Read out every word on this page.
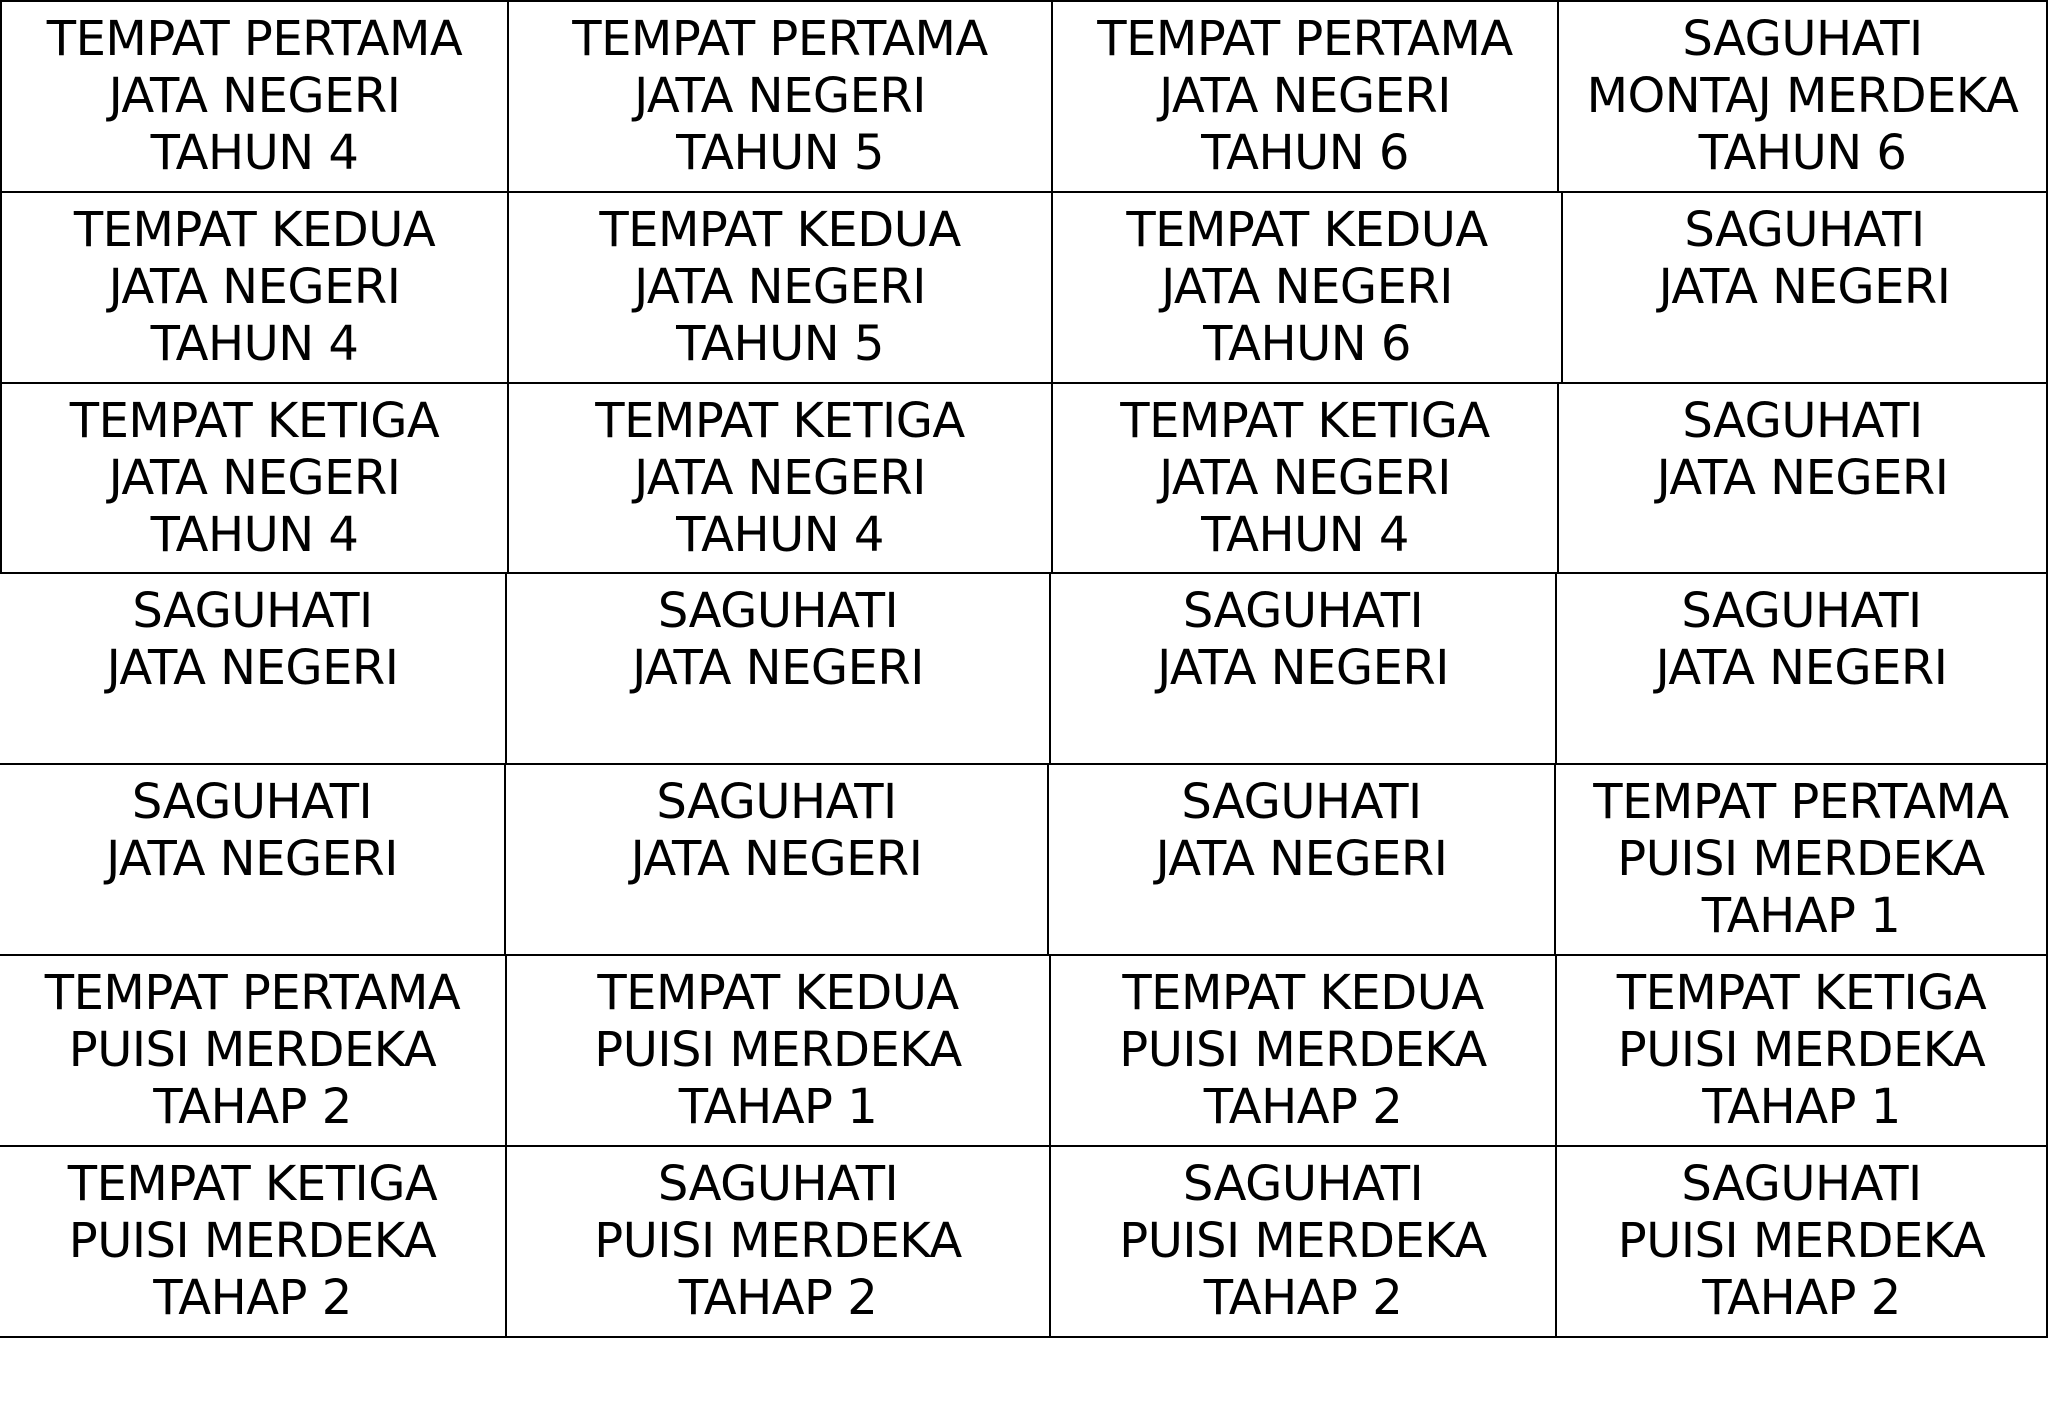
TEMPAT PERTAMA
JATA NEGERI
TAHUN 4
TEMPAT PERTAMA
JATA NEGERI
TAHUN 5
TEMPAT PERTAMA
JATA NEGERI
TAHUN 6
SAGUHATI
MONTAJ MERDEKA
TAHUN 6
TEMPAT KEDUA
JATA NEGERI
TAHUN 4
TEMPAT KEDUA
JATA NEGERI
TAHUN 5
TEMPAT KEDUA
JATA NEGERI
TAHUN 6
SAGUHATI
JATA NEGERI
TEMPAT KETIGA
JATA NEGERI
TAHUN 4
TEMPAT KETIGA
JATA NEGERI
TAHUN 4
TEMPAT KETIGA
JATA NEGERI
TAHUN 4
SAGUHATI
JATA NEGERI
SAGUHATI
JATA NEGERI
SAGUHATI
JATA NEGERI
SAGUHATI
JATA NEGERI
SAGUHATI
JATA NEGERI
SAGUHATI
JATA NEGERI
SAGUHATI
JATA NEGERI
SAGUHATI
JATA NEGERI
TEMPAT PERTAMA
PUISI MERDEKA
TAHAP 1
TEMPAT PERTAMA
PUISI MERDEKA
TAHAP 2
TEMPAT KEDUA
PUISI MERDEKA
TAHAP 1
TEMPAT KEDUA
PUISI MERDEKA
TAHAP 2
TEMPAT KETIGA
PUISI MERDEKA
TAHAP 1
TEMPAT KETIGA
PUISI MERDEKA
TAHAP 2
SAGUHATI
PUISI MERDEKA
TAHAP 2
SAGUHATI
PUISI MERDEKA
TAHAP 2
SAGUHATI
PUISI MERDEKA
TAHAP 2
